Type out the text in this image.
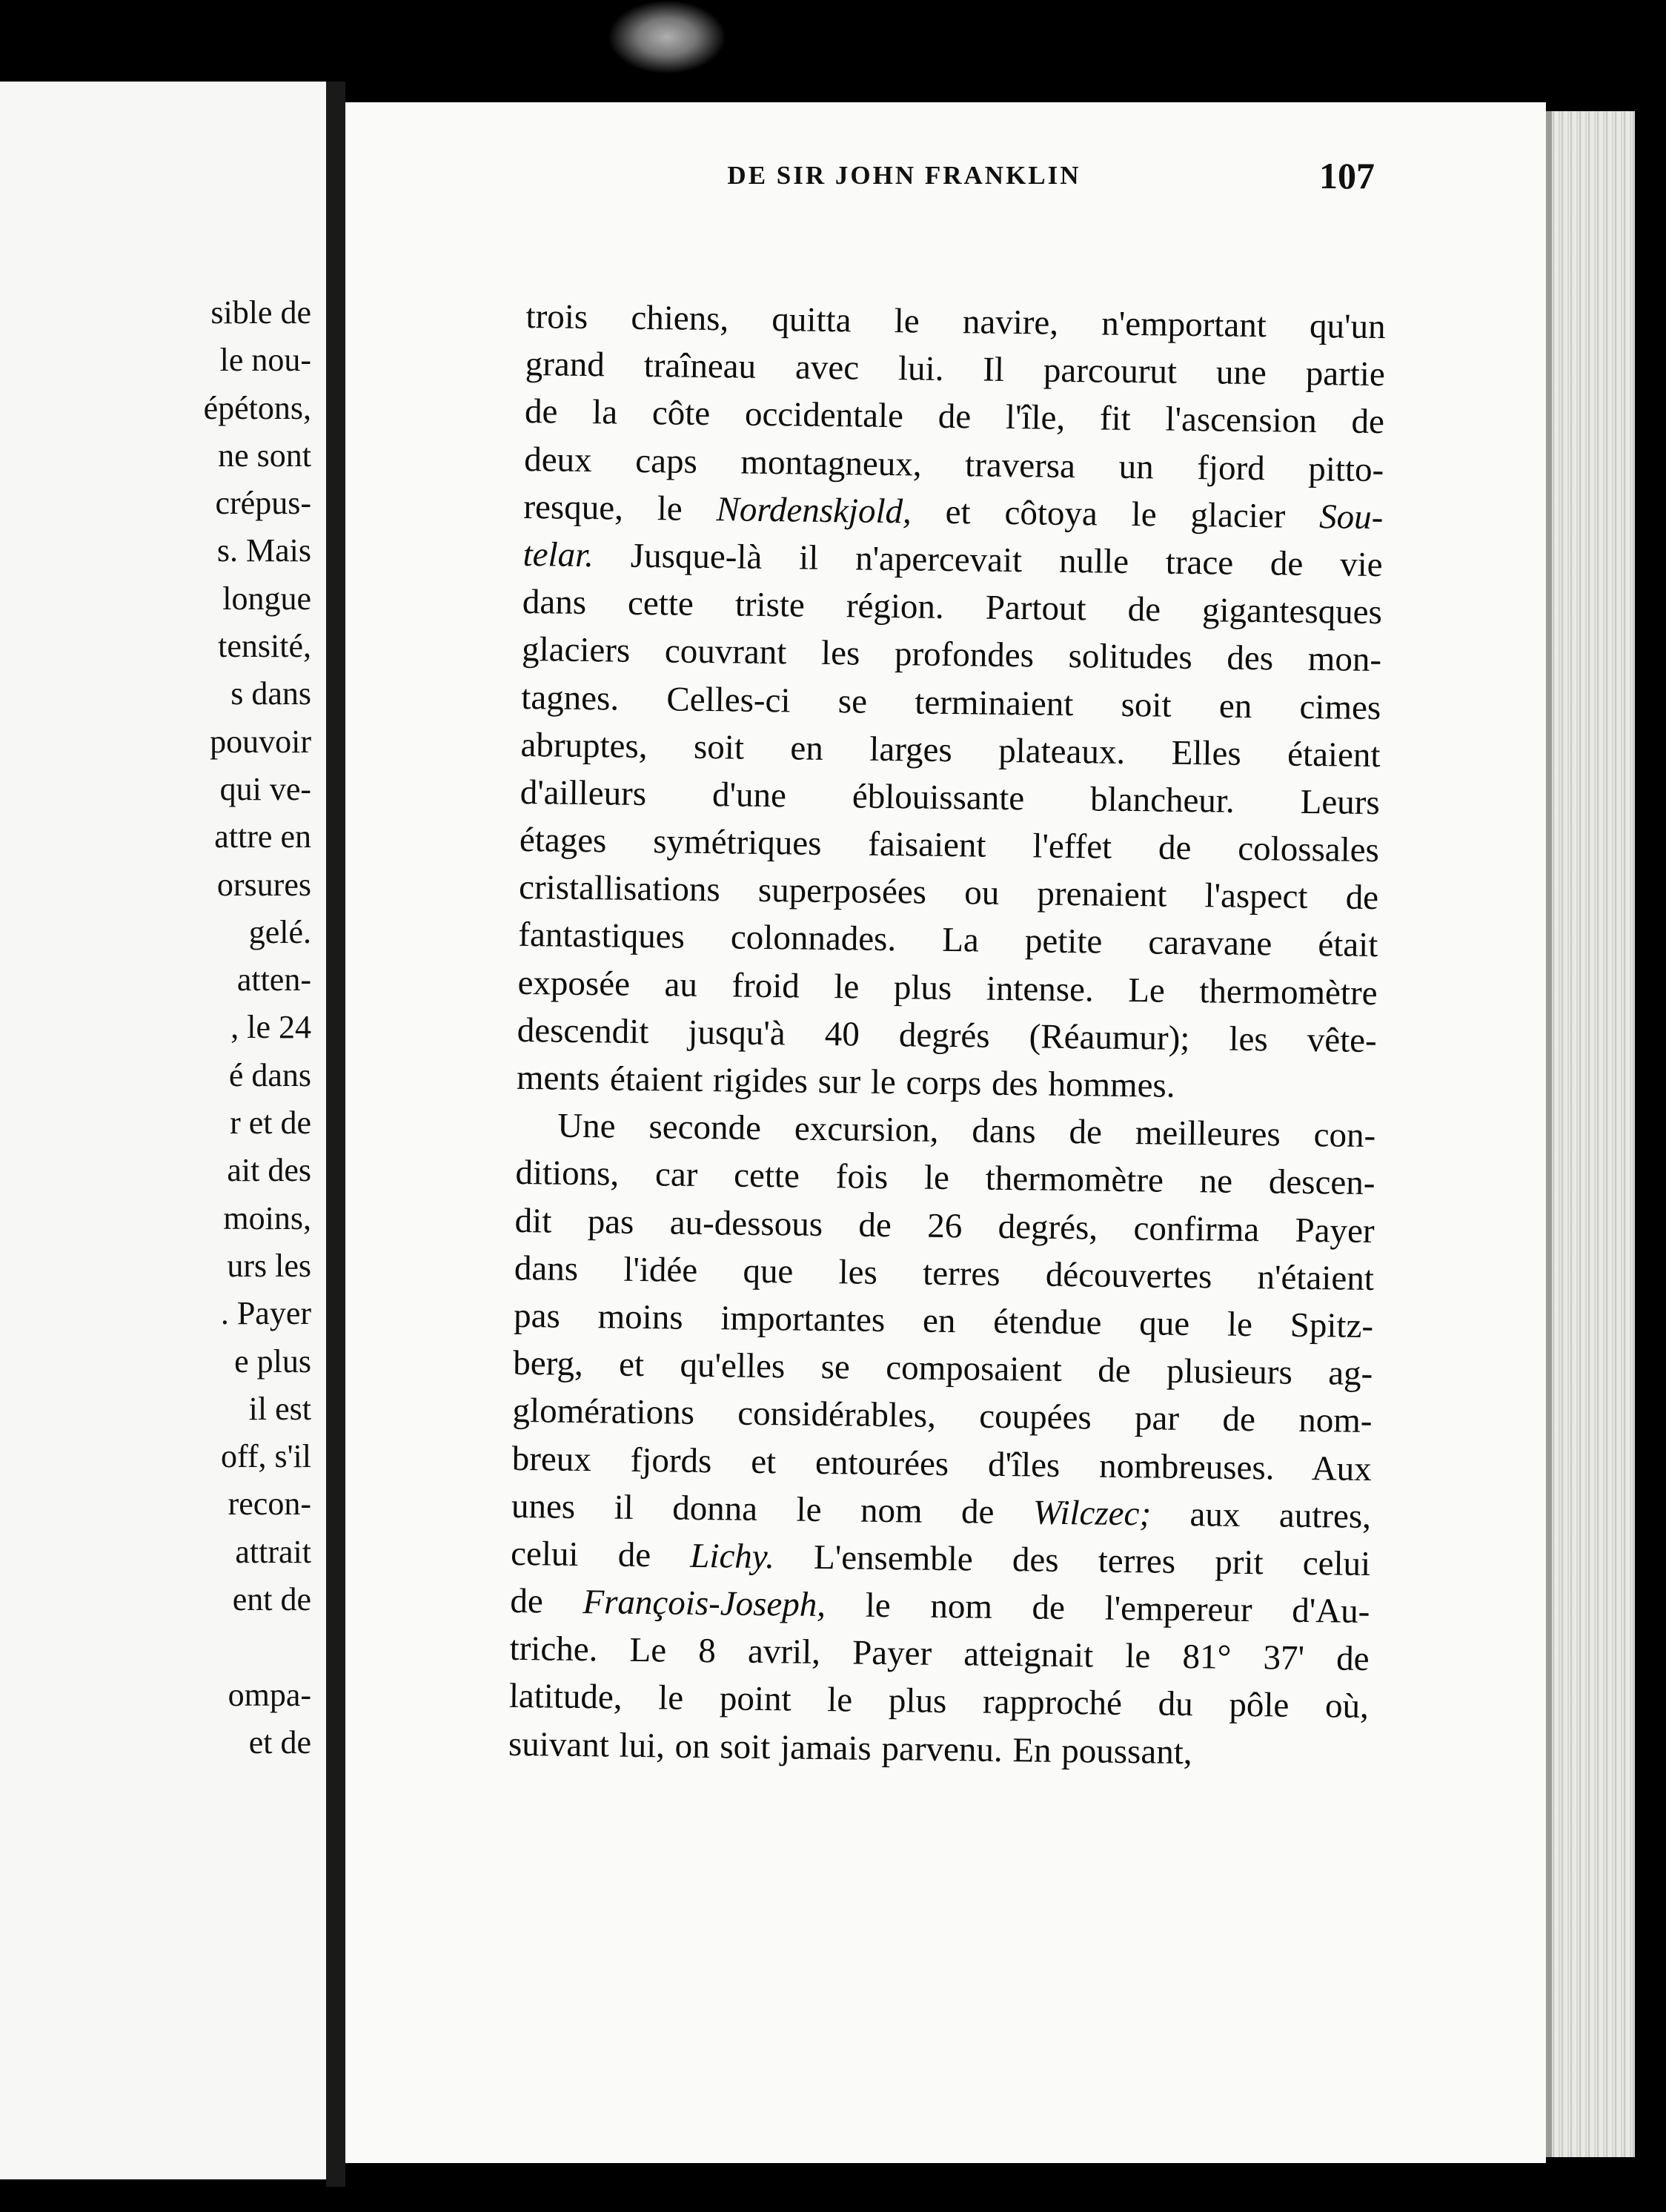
sible de
le nou-
épétons,
ne sont
crépus-
s. Mais
longue
tensité,
s dans
pouvoir
qui ve-
attre en
orsures
gelé.
atten-
, le 24
é dans
r et de
ait des
moins,
urs les
. Payer
e plus
il est
off, s'il
recon-
attrait
ent de

ompa-
et de
DE SIR JOHN FRANKLIN	107
trois chiens, quitta le navire, n'emportant qu'un
grand traîneau avec lui. Il parcourut une partie
de la côte occidentale de l'île, fit l'ascension de
deux caps montagneux, traversa un fjord pitto-
resque, le Nordenskjold, et côtoya le glacier Sou-
telar. Jusque-là il n'apercevait nulle trace de vie
dans cette triste région. Partout de gigantesques
glaciers couvrant les profondes solitudes des mon-
tagnes. Celles-ci se terminaient soit en cimes
abruptes, soit en larges plateaux. Elles étaient
d'ailleurs d'une éblouissante blancheur. Leurs
étages symétriques faisaient l'effet de colossales
cristallisations superposées ou prenaient l'aspect de
fantastiques colonnades. La petite caravane était
exposée au froid le plus intense. Le thermomètre
descendit jusqu'à 40 degrés (Réaumur); les vête-
ments étaient rigides sur le corps des hommes.
Une seconde excursion, dans de meilleures con-
ditions, car cette fois le thermomètre ne descen-
dit pas au-dessous de 26 degrés, confirma Payer
dans l'idée que les terres découvertes n'étaient
pas moins importantes en étendue que le Spitz-
berg, et qu'elles se composaient de plusieurs ag-
glomérations considérables, coupées par de nom-
breux fjords et entourées d'îles nombreuses. Aux
unes il donna le nom de Wilczec; aux autres,
celui de Lichy. L'ensemble des terres prit celui
de François-Joseph, le nom de l'empereur d'Au-
triche. Le 8 avril, Payer atteignait le 81° 37' de
latitude, le point le plus rapproché du pôle où,
suivant lui, on soit jamais parvenu. En poussant,
